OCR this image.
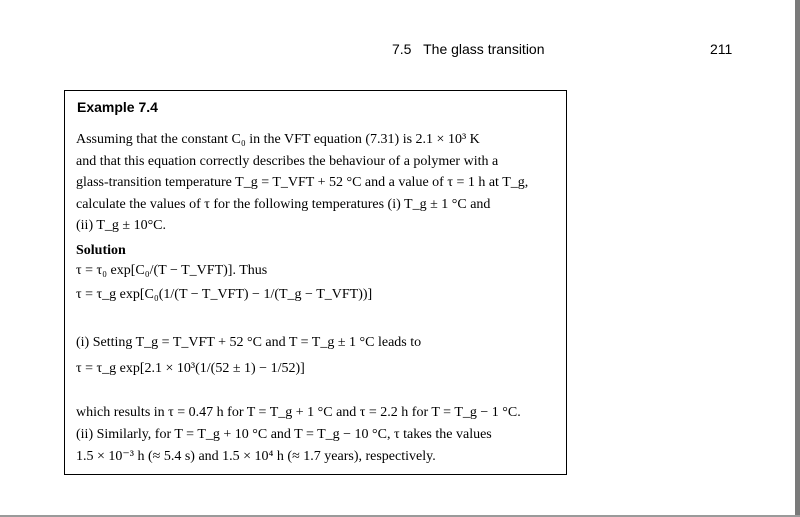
7.5 The glass transition	211
Example 7.4
Assuming that the constant C₀ in the VFT equation (7.31) is 2.1 × 10³ K
and that this equation correctly describes the behaviour of a polymer with a
glass-transition temperature T_g = T_VFT + 52 °C and a value of τ = 1 h at T_g,
calculate the values of τ for the following temperatures (i) T_g ± 1 °C and
(ii) T_g ± 10°C.
Solution
τ = τ₀ exp[C₀/(T − T_VFT)]. Thus
τ = τ_g exp[C₀(1/(T − T_VFT) − 1/(T_g − T_VFT))]
(i) Setting T_g = T_VFT + 52 °C and T = T_g ± 1 °C leads to
τ = τ_g exp[2.1 × 10³(1/(52 ± 1) − 1/52)]
which results in τ = 0.47 h for T = T_g + 1 °C and τ = 2.2 h for T = T_g − 1 °C.
(ii) Similarly, for T = T_g + 10 °C and T = T_g − 10 °C, τ takes the values
1.5 × 10⁻³ h (≈ 5.4 s) and 1.5 × 10⁴ h (≈ 1.7 years), respectively.
